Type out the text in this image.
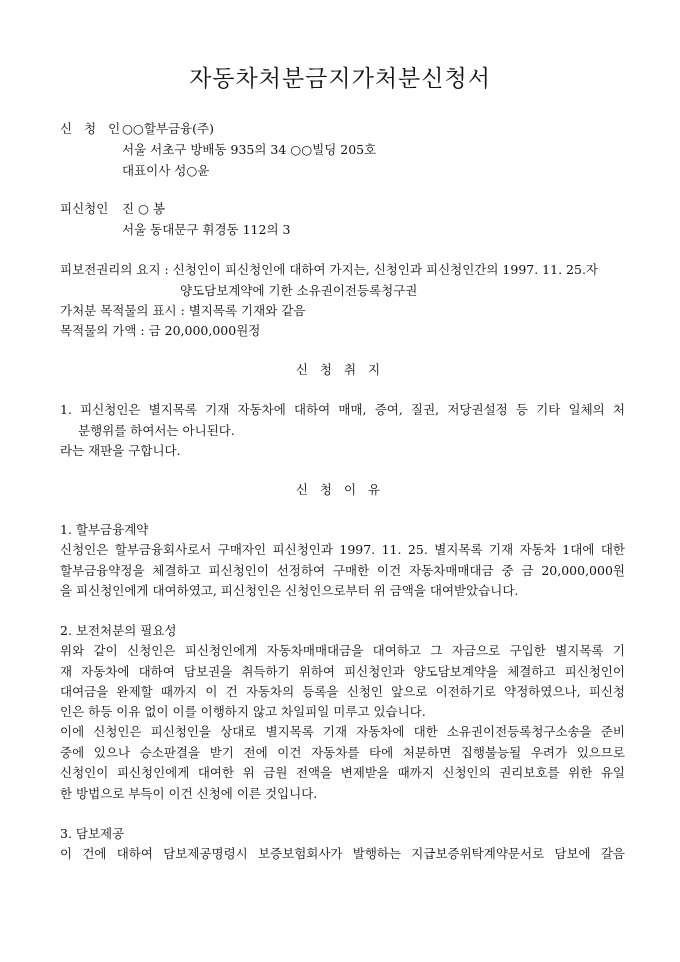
자동차처분금지가처분신청서
신 청 인
○○할부금융(주)
서울 서초구 방배동 935의 34 ○○빌딩 205호
대표이사 성○윤
피신청인 진 ○ 봉
서울 동대문구 휘경동 112의 3
피보전권리의 요지 : 신청인이 피신청인에 대하여 가지는, 신청인과 피신청인간의 1997. 11. 25.자
양도담보계약에 기한 소유권이전등록청구권
가처분 목적물의 표시 : 별지목록 기재와 같음
목적물의 가액 : 금 20,000,000원정
신 청 취 지
1. 피신청인은 별지목록 기재 자동차에 대하여 매매, 증여, 질권, 저당권설정 등 기타 일체의 처
분행위를 하여서는 아니된다.
라는 재판을 구합니다.
신 청 이 유
1. 할부금융계약
신청인은 할부금융회사로서 구매자인 피신청인과 1997. 11. 25. 별지목록 기재 자동차 1대에 대한
할부금융약정을 체결하고 피신청인이 선정하여 구매한 이건 자동차매매대금 중 금 20,000,000원
을 피신청인에게 대여하였고, 피신청인은 신청인으로부터 위 금액을 대여받았습니다.
2. 보전처분의 필요성
위와 같이 신청인은 피신청인에게 자동차매매대금을 대여하고 그 자금으로 구입한 별지목록 기
재 자동차에 대하여 담보권을 취득하기 위하여 피신청인과 양도담보계약을 체결하고 피신청인이
대여금을 완제할 때까지 이 건 자동차의 등록을 신청인 앞으로 이전하기로 약정하였으나, 피신청
인은 하등 이유 없이 이를 이행하지 않고 차일피일 미루고 있습니다.
이에 신청인은 피신청인을 상대로 별지목록 기재 자동차에 대한 소유권이전등록청구소송을 준비
중에 있으나 승소판결을 받기 전에 이건 자동차를 타에 처분하면 집행불능될 우려가 있으므로
신청인이 피신청인에게 대여한 위 금원 전액을 변제받을 때까지 신청인의 권리보호를 위한 유일
한 방법으로 부득이 이건 신청에 이른 것입니다.
3. 담보제공
이 건에 대하여 담보제공명령시 보증보험회사가 발행하는 지급보증위탁계약문서로 담보에 갈음
